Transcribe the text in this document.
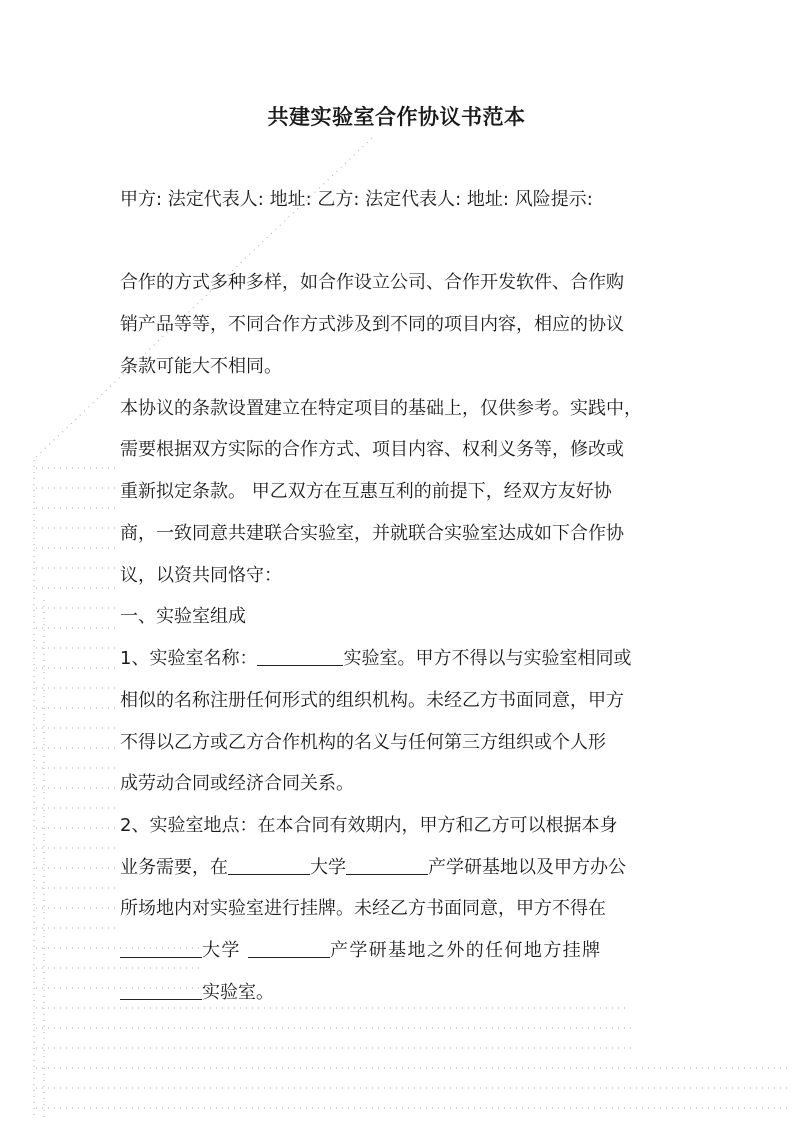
共建实验室合作协议书范本
甲方: 法定代表人: 地址: 乙方: 法定代表人: 地址: 风险提示:
合作的方式多种多样，如合作设立公司、合作开发软件、合作购
销产品等等，不同合作方式涉及到不同的项目内容，相应的协议
条款可能大不相同。
本协议的条款设置建立在特定项目的基础上，仅供参考。实践中，
需要根据双方实际的合作方式、项目内容、权利义务等，修改或
重新拟定条款。 甲乙双方在互惠互利的前提下，经双方友好协
商，一致同意共建联合实验室，并就联合实验室达成如下合作协
议，以资共同恪守：
一、实验室组成
1、实验室名称：	实验室。甲方不得以与实验室相同或
相似的名称注册任何形式的组织机构。未经乙方书面同意，甲方
不得以乙方或乙方合作机构的名义与任何第三方组织或个人形
成劳动合同或经济合同关系。
2、实验室地点：在本合同有效期内，甲方和乙方可以根据本身
业务需要，在	大学	产学研基地以及甲方办公
所场地内对实验室进行挂牌。未经乙方书面同意，甲方不得在
大学	产学研基地之外的任何地方挂牌
实验室。
